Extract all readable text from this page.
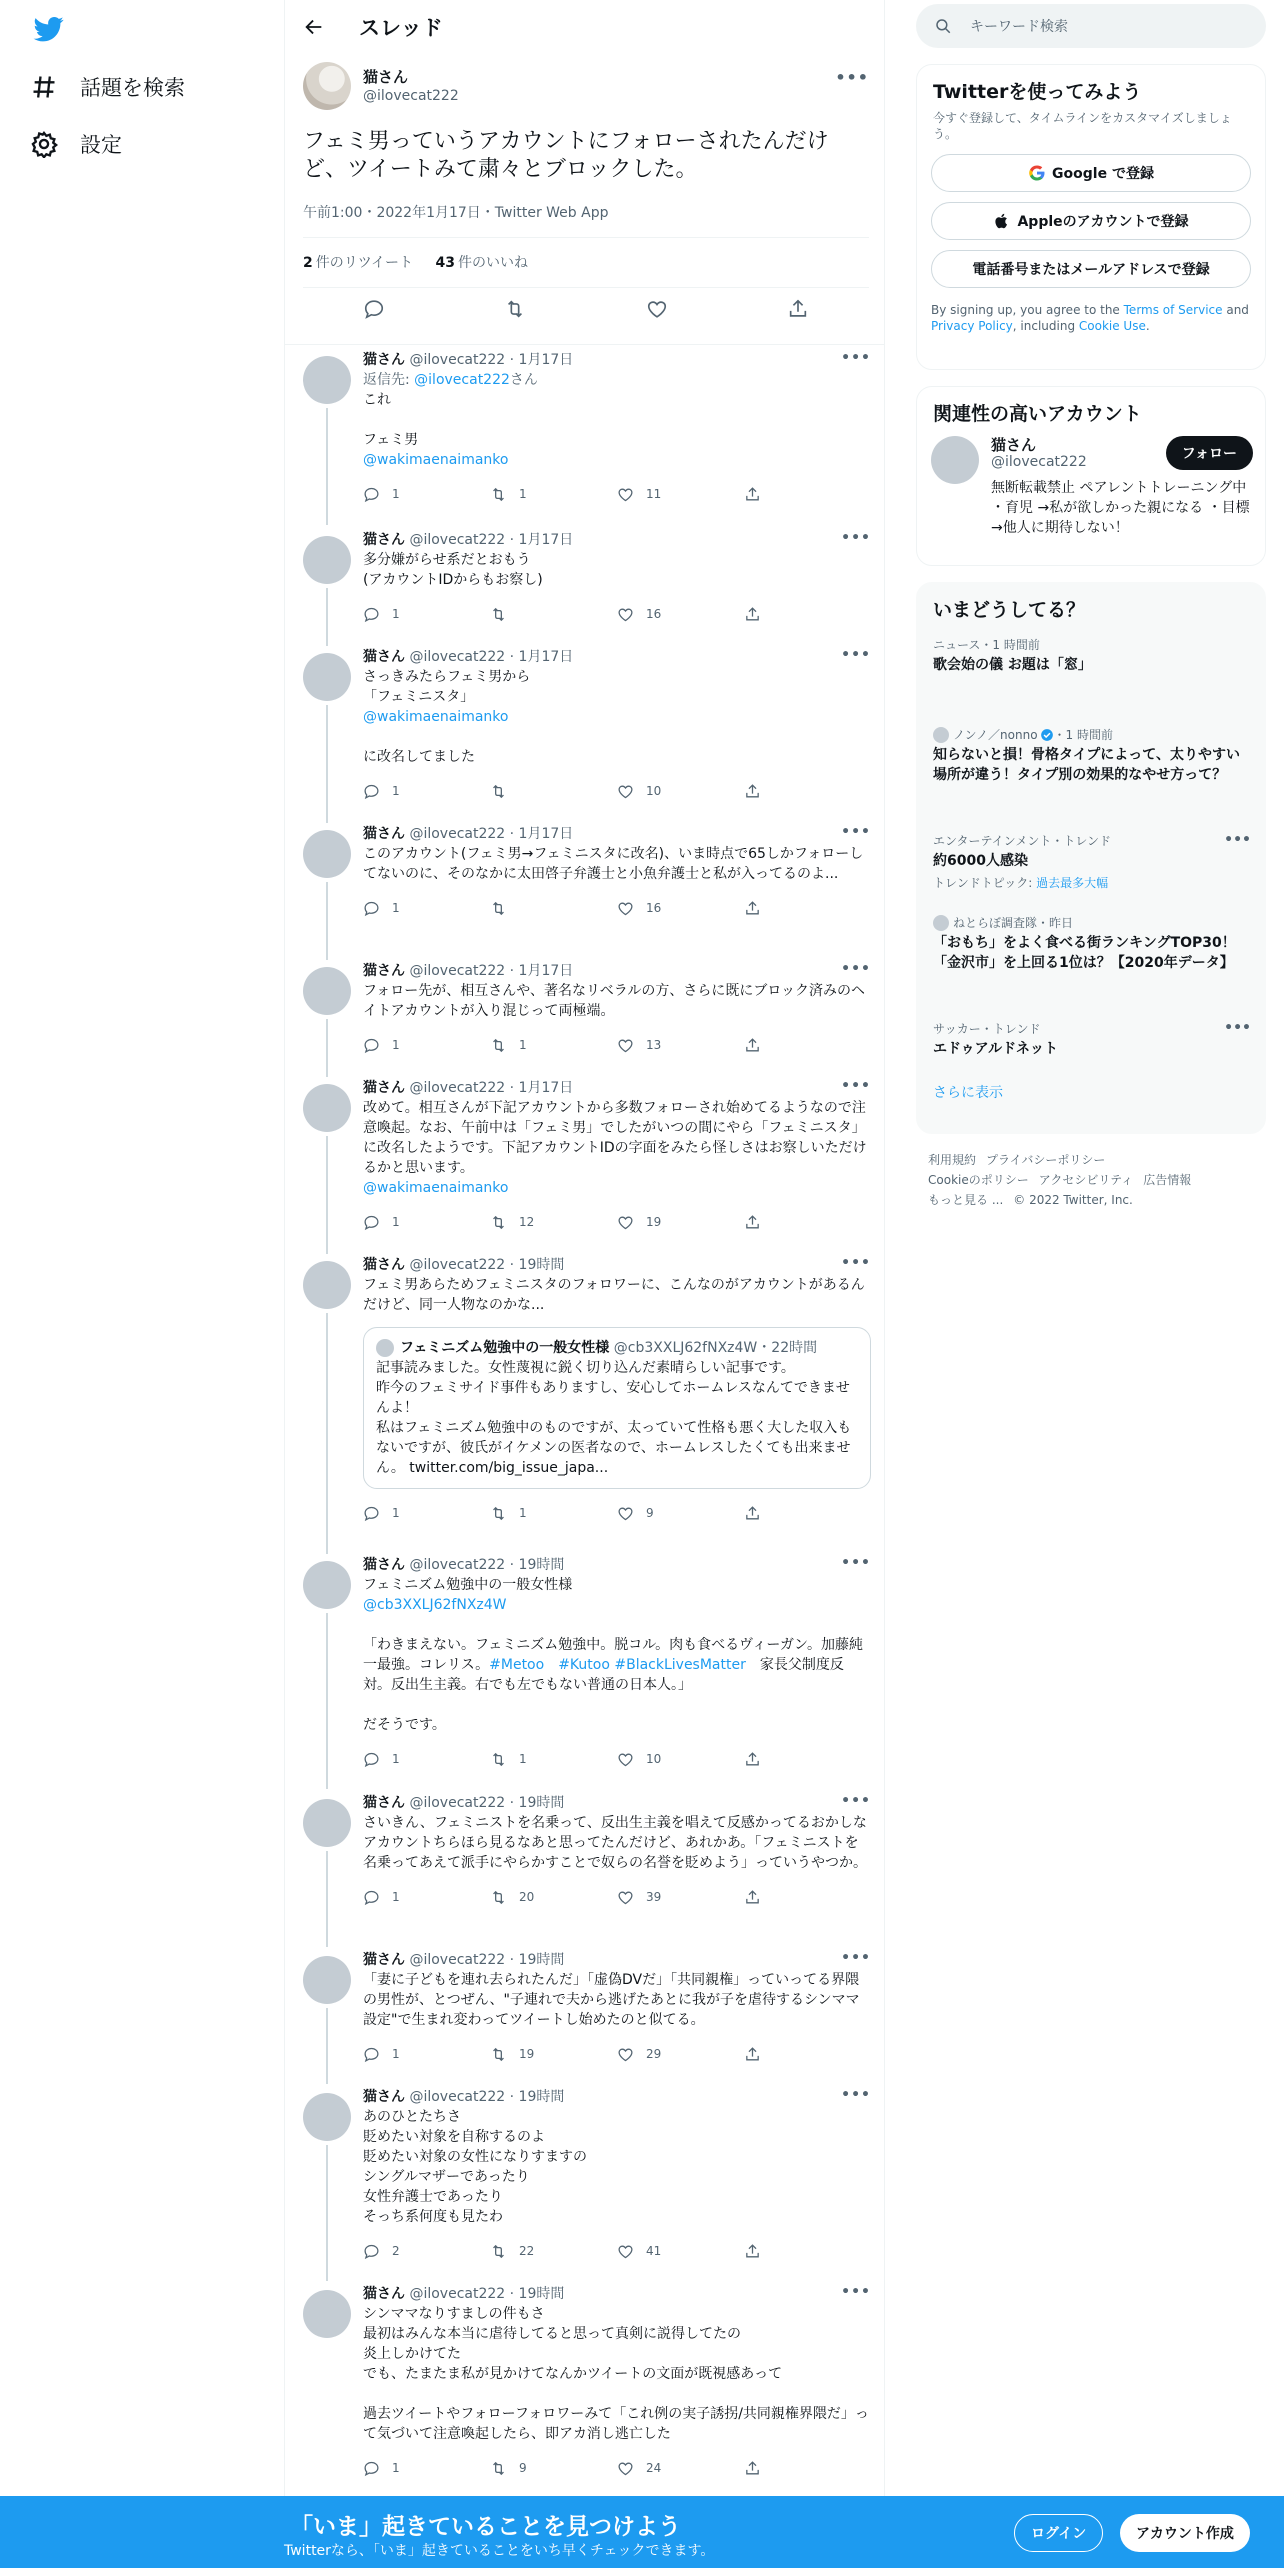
話題を検索
設定
スレッド
猫さん
@ilovecat222
•••
フェミ男っていうアカウントにフォローされたんだけど、ツイートみて粛々とブロックした。
午前1:00・2022年1月17日・Twitter Web App
2 件のリツイート 43 件のいいね
猫さん @ilovecat222 · 1月17日	•••
返信先: @ilovecat222さん
これ

フェミ男
@wakimaenaimanko
1	1	11
猫さん @ilovecat222 · 1月17日	•••
多分嫌がらせ系だとおもう
(アカウントIDからもお察し)
1	16
猫さん @ilovecat222 · 1月17日	•••
さっきみたらフェミ男から
「フェミニスタ」
@wakimaenaimanko

に改名してました
1	10
猫さん @ilovecat222 · 1月17日	•••
このアカウント(フェミ男→フェミニスタに改名)、いま時点で65しかフォローしてないのに、そのなかに太田啓子弁護士と小魚弁護士と私が入ってるのよ...
1	16
猫さん @ilovecat222 · 1月17日	•••
フォロー先が、相互さんや、著名なリベラルの方、さらに既にブロック済みのヘイトアカウントが入り混じって両極端。
1	1	13
猫さん @ilovecat222 · 1月17日	•••
改めて。相互さんが下記アカウントから多数フォローされ始めてるようなので注意喚起。なお、午前中は「フェミ男」でしたがいつの間にやら「フェミニスタ」に改名したようです。下記アカウントIDの字面をみたら怪しさはお察しいただけるかと思います。
@wakimaenaimanko
1	12	19
猫さん @ilovecat222 · 19時間	•••
フェミ男あらためフェミニスタのフォロワーに、こんなのがアカウントがあるんだけど、同一人物なのかな...
フェミニズム勉強中の一般女性様
@cb3XXLJ62fNXz4W ・ 22時間
記事読みました。女性蔑視に鋭く切り込んだ素晴らしい記事です。
昨今のフェミサイド事件もありますし、安心してホームレスなんてできませんよ！
私はフェミニズム勉強中のものですが、太っていて性格も悪く大した収入もないですが、彼氏がイケメンの医者なので、ホームレスしたくても出来ません。 twitter.com/big_issue_japa...
1	1	9
猫さん @ilovecat222 · 19時間	•••
フェミニズム勉強中の一般女性様
@cb3XXLJ62fNXz4W

「わきまえない。フェミニズム勉強中。脱コル。肉も食べるヴィーガン。加藤純一最強。コレリス。#Metoo　 #Kutoo #BlackLivesMatter　家長父制度反対。反出生主義。右でも左でもない普通の日本人。」

だそうです。
1	1	10
猫さん @ilovecat222 · 19時間	•••
さいきん、フェミニストを名乗って、反出生主義を唱えて反感かってるおかしなアカウントちらほら見るなあと思ってたんだけど、あれかあ。「フェミニストを名乗ってあえて派手にやらかすことで奴らの名誉を貶めよう」っていうやつか。
1	20	39
猫さん @ilovecat222 · 19時間	•••
「妻に子どもを連れ去られたんだ」「虚偽DVだ」「共同親権」っていってる界隈の男性が、とつぜん、"子連れで夫から逃げたあとに我が子を虐待するシンママ設定"で生まれ変わってツイートし始めたのと似てる。
1	19	29
猫さん @ilovecat222 · 19時間	•••
あのひとたちさ
貶めたい対象を自称するのよ
貶めたい対象の女性になりすますの
シングルマザーであったり
女性弁護士であったり
そっち系何度も見たわ
2	22	41
猫さん @ilovecat222 · 19時間	•••
シンママなりすましの件もさ
最初はみんな本当に虐待してると思って真剣に説得してたの
炎上しかけてた
でも、たまたま私が見かけてなんかツイートの文面が既視感あって

過去ツイートやフォローフォロワーみて「これ例の実子誘拐/共同親権界隈だ」って気づいて注意喚起したら、即アカ消し逃亡した
1	9	24
キーワード検索
Twitterを使ってみよう
今すぐ登録して、タイムラインをカスタマイズしましょう。
Google で登録
Appleのアカウントで登録
電話番号またはメールアドレスで登録
By signing up, you agree to the Terms of Service and Privacy Policy, including Cookie Use.
関連性の高いアカウント
猫さん
@ilovecat222	フォロー
無断転載禁止 ペアレントトレーニング中 ・育児 →私が欲しかった親になる ・目標 →他人に期待しない！
いまどうしてる？
ニュース・1 時間前
歌会始の儀 お題は「窓」
ノンノ／nonno ・1 時間前
知らないと損！骨格タイプによって、太りやすい場所が違う！タイプ別の効果的なやせ方って？
エンターテインメント・トレンド	•••
約6000人感染
トレンドトピック: 過去最多大幅
ねとらぼ調査隊 ・昨日
「おもち」をよく食べる街ランキングTOP30！　「金沢市」を上回る1位は？【2020年データ】
サッカー・トレンド	•••
エドゥアルドネット
さらに表示
利用規約 プライバシーポリシー
Cookieのポリシー アクセシビリティ 広告情報
もっと見る ... © 2022 Twitter, Inc.
「いま」起きていることを見つけよう
Twitterなら、「いま」起きていることをいち早くチェックできます。
ログイン	アカウント作成
